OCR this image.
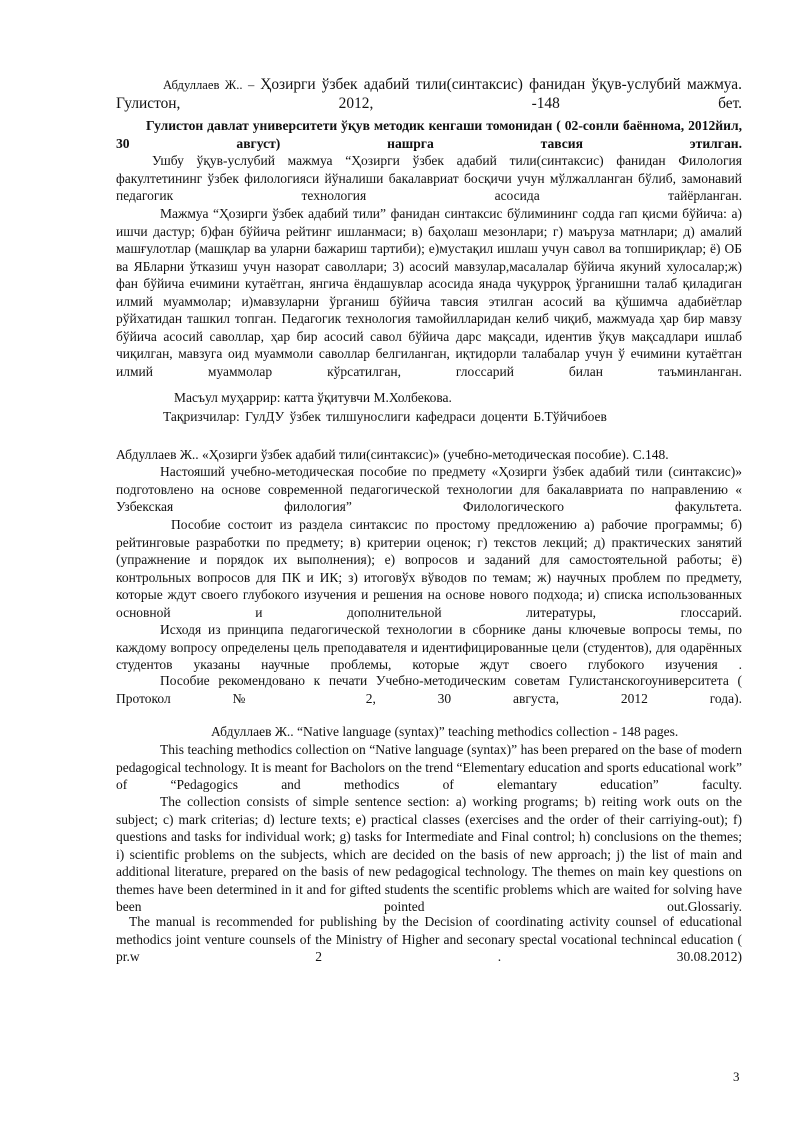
Абдуллаев Ж.. – Ҳозирги ўзбек адабий тили(синтаксис) фанидан ўқув-услубий мажмуа. Гулистон, 2012, -148 бет.

Гулистон давлат университети ўқув методик кенгаши томонидан ( 02-сонли баённома, 2012йил, 30 август) нашрга тавсия этилган.

Ушбу ўқув-услубий мажмуа “Ҳозирги ўзбек адабий тили(синтаксис) фанидан Филология факултетининг ўзбек филологияси йўналиши бакалавриат босқичи учун мўлжалланган бўлиб, замонавий педагогик технология асосида тайёрланган.

Мажмуа “Ҳозирги ўзбек адабий тили” фанидан синтаксис бўлимининг содда гап қисми бўйича: а) ишчи дастур; б)фан бўйича рейтинг ишланмаси; в) баҳолаш мезонлари; г) маъруза матнлари; д) амалий машғулотлар (машқлар ва уларни бажариш тартиби); е)мустақил ишлаш учун савол ва топшириқлар; ё) ОБ ва ЯБларни ўтказиш учун назорат саволлари; 3) асосий мавзулар,масалалар бўйича якуний хулосалар;ж) фан бўйича ечимини кутаётган, янгича ёндашувлар асосида янада чуқурроқ ўрганишни талаб қиладиган илмий муаммолар; и)мавзуларни ўрганиш бўйича тавсия этилган асосий ва қўшимча адабиётлар рўйхатидан ташкил топган. Педагогик технология тамойилларидан келиб чиқиб, мажмуада ҳар бир мавзу бўйича асосий саволлар, ҳар бир асосий савол бўйича дарс мақсади, идентив ўқув мақсадлари ишлаб чиқилган, мавзуга оид муаммоли саволлар белгиланган, иқтидорли талабалар учун ў ечимини кутаётган илмий муаммолар кўрсатилган, глоссарий билан таъминланган.

Масъул муҳаррир: катта ўқитувчи М.Холбекова.

Тақризчилар: ГулДУ ўзбек тилшунослиги кафедраси доценти Б.Тўйчибоев

Абдуллаев Ж.. «Ҳозирги ўзбек адабий тили(синтаксис)» (учебно-методическая пособие). С.148.

Настояший учебно-методическая пособие по предмету «Ҳозирги ўзбек адабий тили (синтаксис)» подготовлено на основе современной педагогической технологии для бакалавриата по направлению « Узбекская филология” Филологического факультета.

Пособие состоит из раздела синтаксис по простому предложению а) рабочие программы; б) рейтинговые разработки по предмету; в) критерии оценок; г) текстов лекций; д) практических занятий (упражнение и порядок их выполнения); е) вопросов и заданий для самостоятельной работы; ё) контрольных вопросов для ПК и ИК; з) итоговўх вўводов по темам; ж) научных проблем по предмету, которые ждут своего глубокого изучения и решения на основе нового подхода; и) списка использованных основной и дополнительной литературы, глоссарий.

Исходя из принципа педагогической технологии в сборнике даны ключевые вопросы темы, по каждому вопросу определены цель преподавателя и идентифицированные цели (студентов), для одарённых студентов указаны научные проблемы, которые ждут своего глубокого изучения .

Пособие рекомендовано к печати Учебно-методическим советам Гулистанскогоуниверситета ( Протокол № 2, 30 августа, 2012 года).

Абдуллаев Ж.. “Native language (syntax)” teaching methodics collection - 148 pages.

This teaching methodics collection on “Native language (syntax)” has been prepared on the base of modern pedagogical technology. It is meant for Bacholors on the trend “Elementary education and sports educational work” of “Pedagogics and methodics of elemantary education” faculty.

The collection consists of simple sentence section: a) working programs; b) reiting work outs on the subject; c) mark criterias; d) lecture texts; e) practical classes (exercises and the order of their carriying-out); f) questions and tasks for individual work; g) tasks for Intermediate and Final control; h) conclusions on the themes; i) scientific problems on the subjects, which are decided on the basis of new approach; j) the list of main and additional literature, prepared on the basis of new pedagogical technology. The themes on main key questions on themes have been determined in it and for gifted students the scentific problems which are waited for solving have been pointed out.Glossariy.

The manual is recommended for publishing by the Decision of coordinating activity counsel of educational methodics joint venture counsels of the Ministry of Higher and seconary spectal vocational technincal education ( pr.w 2 . 30.08.2012)

3
